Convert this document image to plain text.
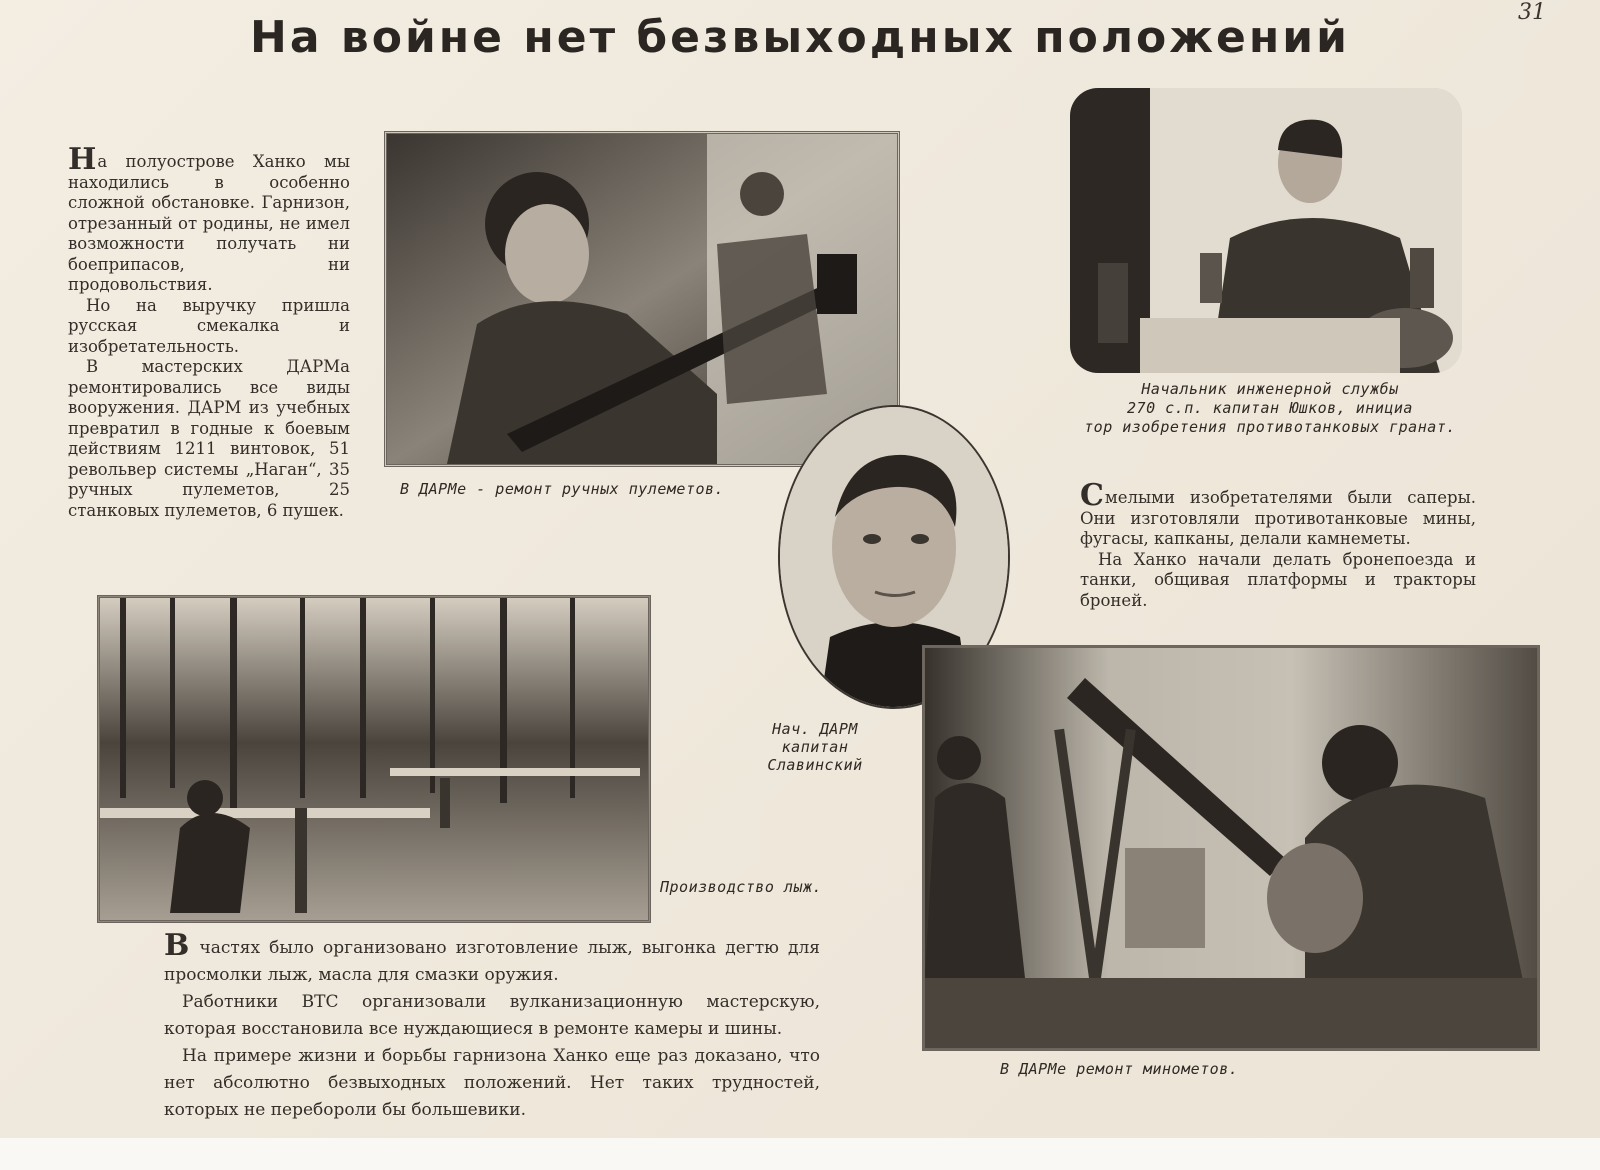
На войне нет безвыходных положений	31

На полуострове Ханко мы находились в особенно сложной обстановке. Гарнизон, отрезанный от родины, не имел возможности получать ни боеприпасов, ни продовольствия.

Но на выручку пришла русская смекалка и изобретательность.

В мастерских ДАРМа ремонтировались все виды вооружения. ДАРМ из учебных превратил в годные к боевым действиям 1211 винтовок, 51 револьвер системы „Наган“, 35 ручных пулеметов, 25 станковых пулеметов, 6 пушек.

В ДАРМе - ремонт ручных пулеметов.
Начальник инженерной службы
270 с.п. капитан Юшков, инициа
тор изобретения противотанковых гранат.

Смелыми изобретателями были саперы. Они изготовляли противотанковые мины, фугасы, капканы, делали камнеметы.

На Ханко начали делать бронепоезда и танки, общивая платформы и тракторы броней.

Нач. ДАРМ
капитан
Славинский
Производство лыж.

В частях было организовано изготовление лыж, выгонка дегтю для просмолки лыж, масла для смазки оружия.

Работники ВТС организовали вулканизационную мастерскую, которая восстановила все нуждающиеся в ремонте камеры и шины.

На примере жизни и борьбы гарнизона Ханко еще раз доказано, что нет абсолютно безвыходных положений. Нет таких трудностей, которых не перебороли бы большевики.

В ДАРМе ремонт минометов.
